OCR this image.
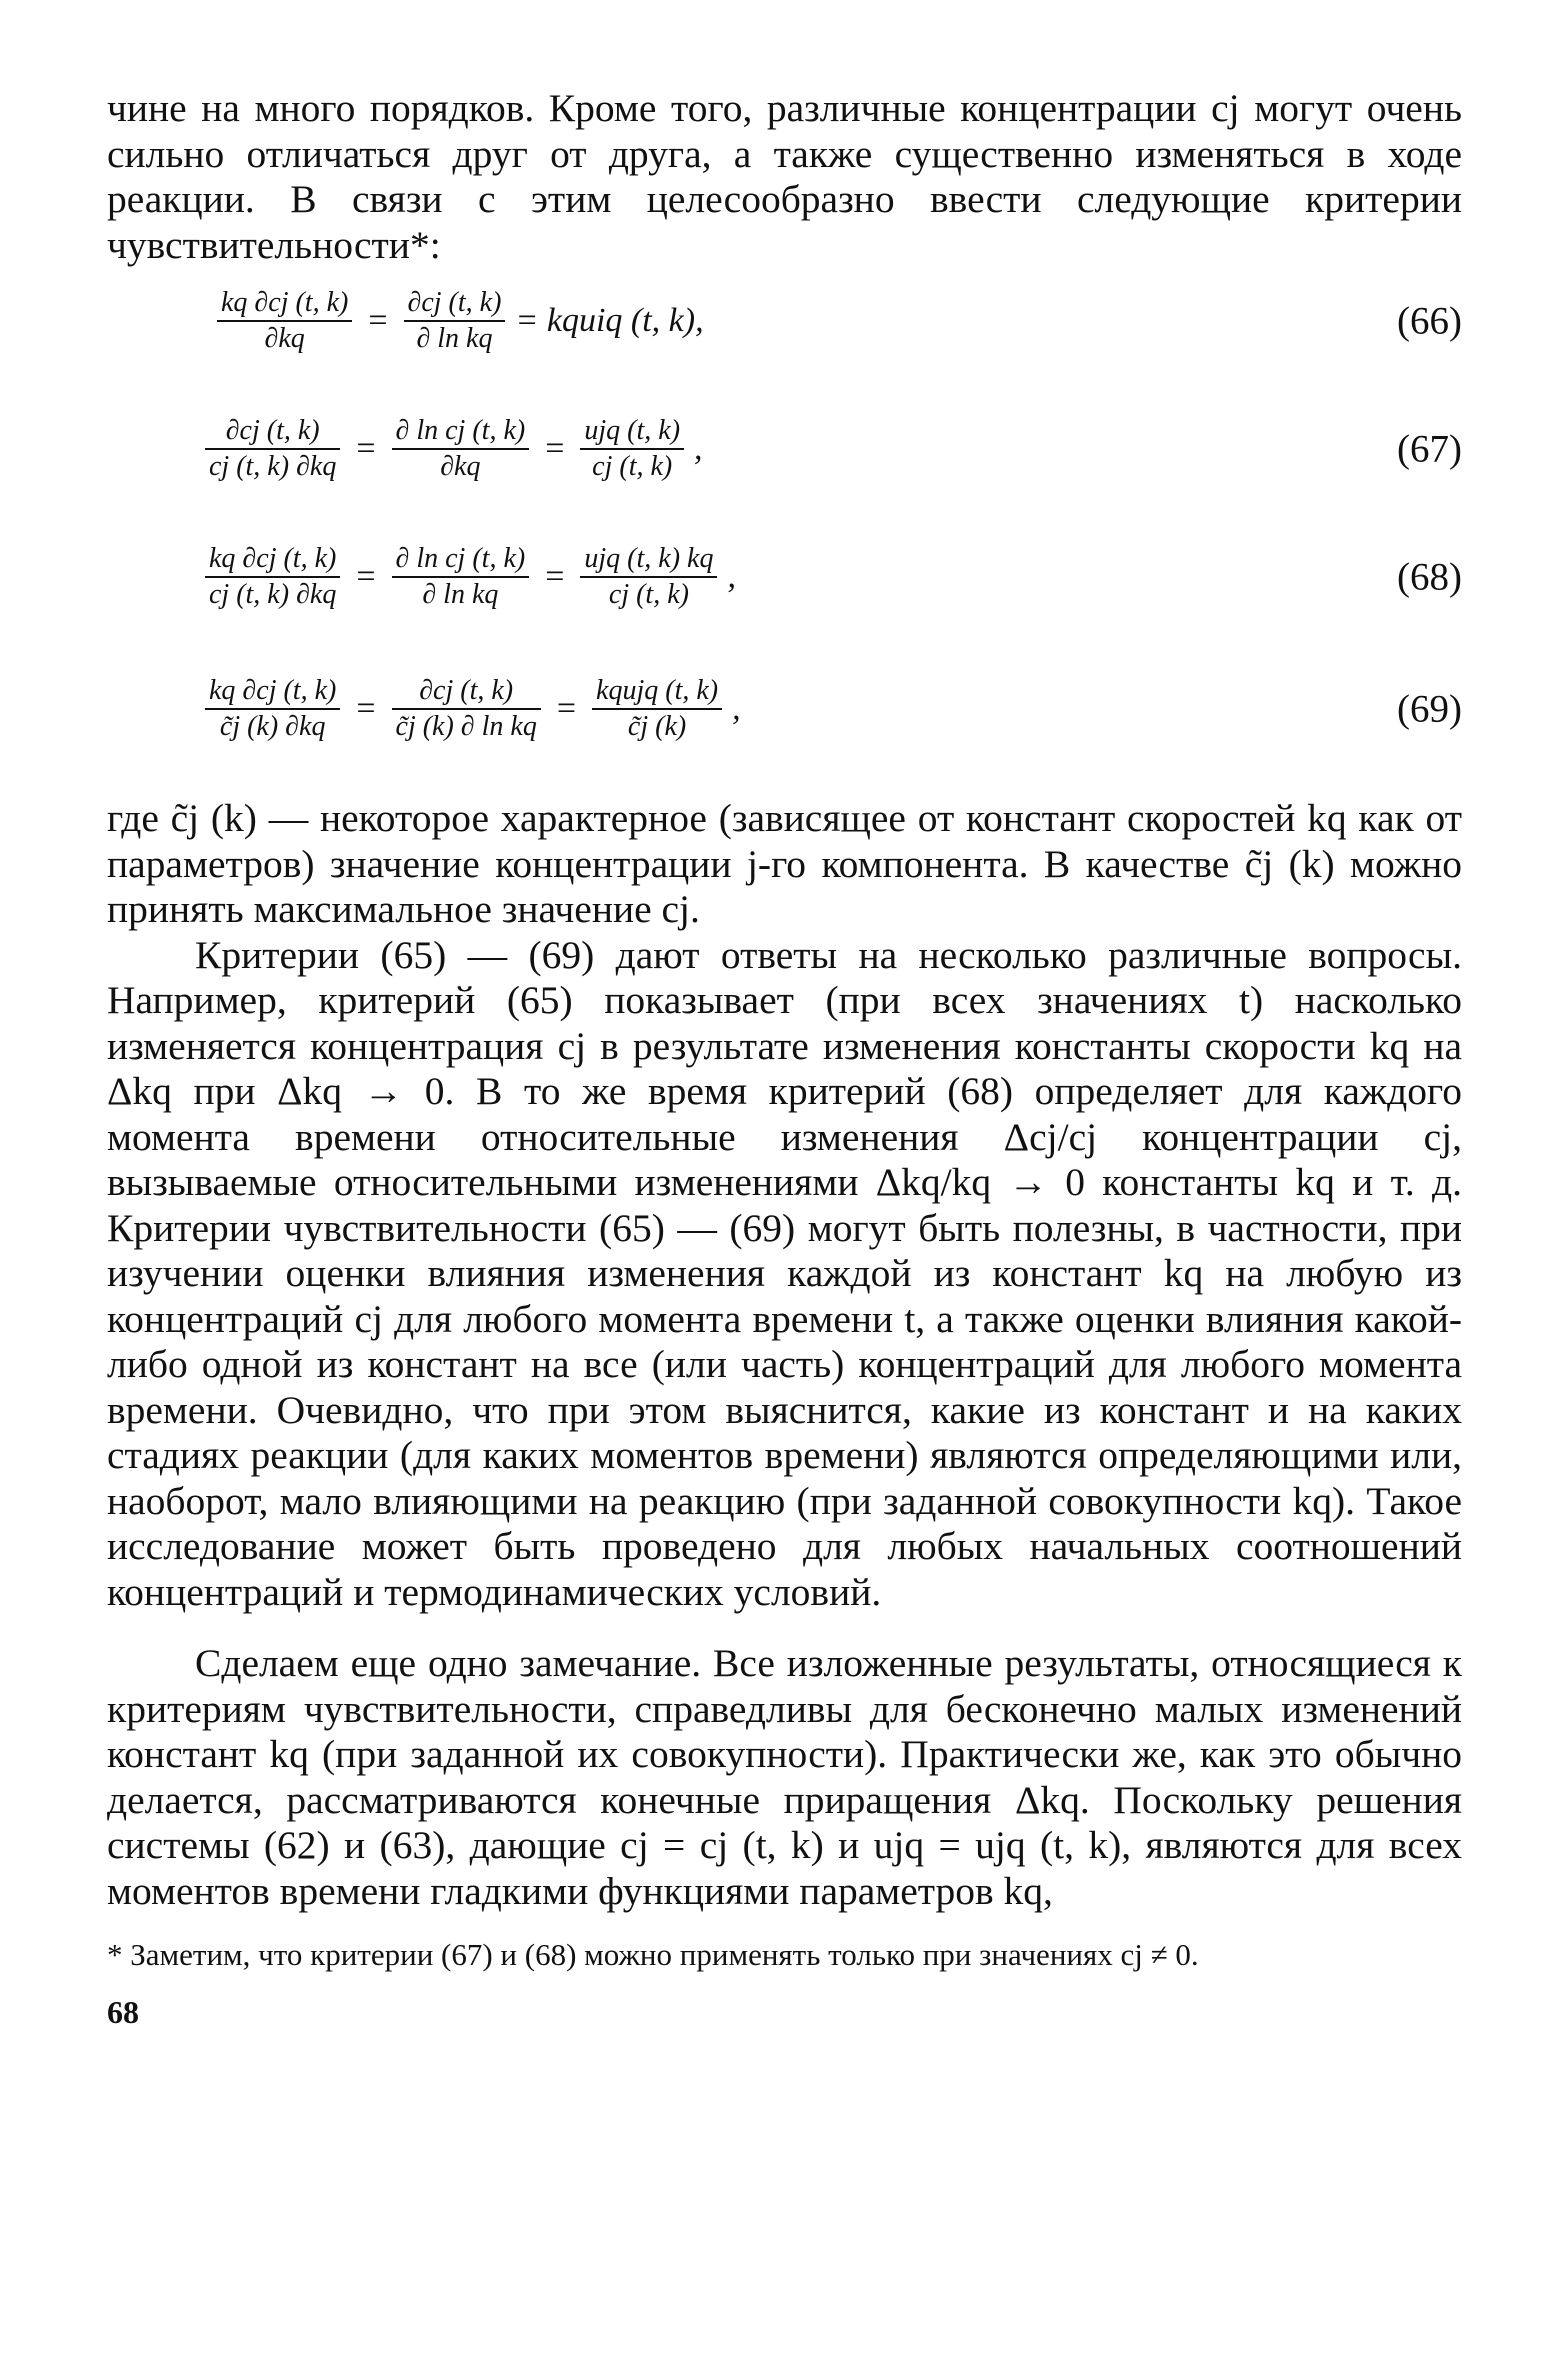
чине на много порядков. Кроме того, различные концентрации cj могут очень сильно отличаться друг от друга, а также существенно изменяться в ходе реакции. В связи с этим целесообразно ввести следующие критерии чувствительности*:

$\frac{kq \partial cj (t, k)}{\partial kq} = \frac{\partial cj (t, k)}{\text{∂ ln kq}}$ = kquiq (t, k),	(66)
$\frac{\partial cj (t, k)}{cj (t, k) \partial kq} = \frac{\text{∂ ln cj (t, k)}}{\partial kq} = \frac{\text{ujq (t, k)}}{cj (t, k)}$ ,	(67)
$\frac{kq \partial cj (t, k)}{cj (t, k) \partial kq} = \frac{\text{∂ ln cj (t, k)}}{\text{∂ ln kq}} = \frac{\text{ujq (t, k) kq}}{cj (t, k)}$ ,	(68)
$\frac{kq \partial cj (t, k)}{c̃j (k) \partial kq} = \frac{\partial cj (t, k)}{\text{c̃j (k) ∂ ln kq}} = \frac{\text{kqujq (t, k)}}{c̃j (k)}$ ,	(69)

где c̃j (k) — некоторое характерное (зависящее от констант скоростей kq как от параметров) значение концентрации j-го компонента. В качестве c̃j (k) можно принять максимальное значение cj.

Критерии (65) — (69) дают ответы на несколько различные вопросы. Например, критерий (65) показывает (при всех значениях t) насколько изменяется концентрация cj в результате изменения константы скорости kq на Δkq при Δkq → 0. В то же время критерий (68) определяет для каждого момента времени относительные изменения Δcj/cj концентрации cj, вызываемые относительными изменениями Δkq/kq → 0 константы kq и т. д. Критерии чувствительности (65) — (69) могут быть полезны, в частности, при изучении оценки влияния изменения каждой из констант kq на любую из концентраций cj для любого момента времени t, а также оценки влияния какой-либо одной из констант на все (или часть) концентраций для любого момента времени. Очевидно, что при этом выяснится, какие из констант и на каких стадиях реакции (для каких моментов времени) являются определяющими или, наоборот, мало влияющими на реакцию (при заданной совокупности kq). Такое исследование может быть проведено для любых начальных соотношений концентраций и термодинамических условий.

Сделаем еще одно замечание. Все изложенные результаты, относящиеся к критериям чувствительности, справедливы для бесконечно малых изменений констант kq (при заданной их совокупности). Практически же, как это обычно делается, рассматриваются конечные приращения Δkq. Поскольку решения системы (62) и (63), дающие cj = cj (t, k) и ujq = ujq (t, k), являются для всех моментов времени гладкими функциями параметров kq,

* Заметим, что критерии (67) и (68) можно применять только при значениях cj ≠ 0.

68
